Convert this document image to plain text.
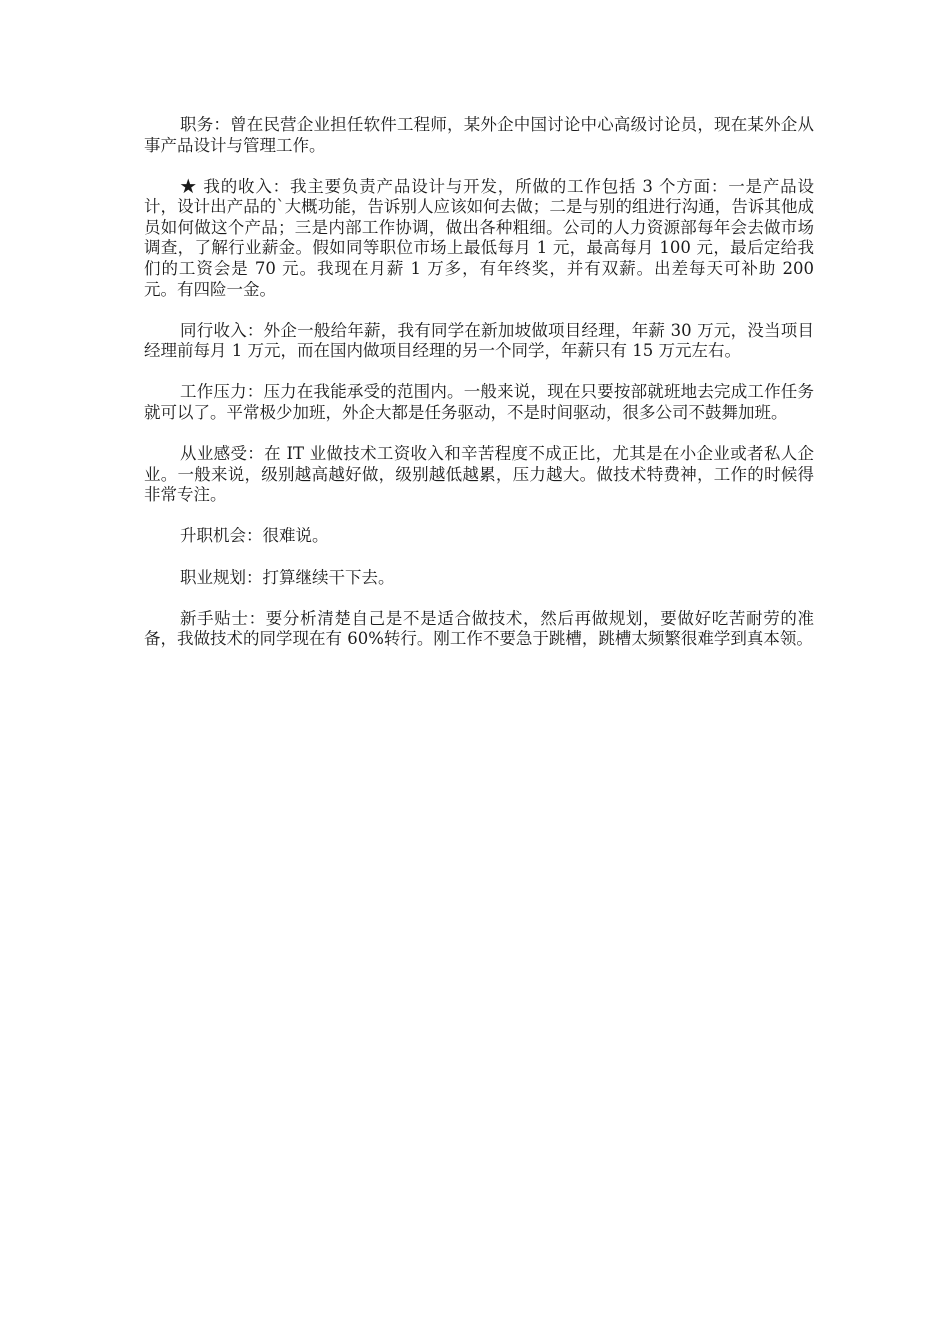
职务：曾在民营企业担任软件工程师，某外企中国讨论中心高级讨论员，现在某外企从事产品设计与管理工作。

★ 我的收入：我主要负责产品设计与开发，所做的工作包括 3 个方面：一是产品设计，设计出产品的`大概功能，告诉别人应该如何去做；二是与别的组进行沟通，告诉其他成员如何做这个产品；三是内部工作协调，做出各种粗细。公司的人力资源部每年会去做市场调查，了解行业薪金。假如同等职位市场上最低每月 1 元，最高每月 100 元，最后定给我们的工资会是 70 元。我现在月薪 1 万多，有年终奖，并有双薪。出差每天可补助 200 元。有四险一金。

同行收入：外企一般给年薪，我有同学在新加坡做项目经理，年薪 30 万元，没当项目经理前每月 1 万元，而在国内做项目经理的另一个同学，年薪只有 15 万元左右。

工作压力：压力在我能承受的范围内。一般来说，现在只要按部就班地去完成工作任务就可以了。平常极少加班，外企大都是任务驱动，不是时间驱动，很多公司不鼓舞加班。

从业感受：在 IT 业做技术工资收入和辛苦程度不成正比，尤其是在小企业或者私人企业。一般来说，级别越高越好做，级别越低越累，压力越大。做技术特费神，工作的时候得非常专注。

升职机会：很难说。

职业规划：打算继续干下去。

新手贴士：要分析清楚自己是不是适合做技术，然后再做规划，要做好吃苦耐劳的准备，我做技术的同学现在有 60%转行。刚工作不要急于跳槽，跳槽太频繁很难学到真本领。
